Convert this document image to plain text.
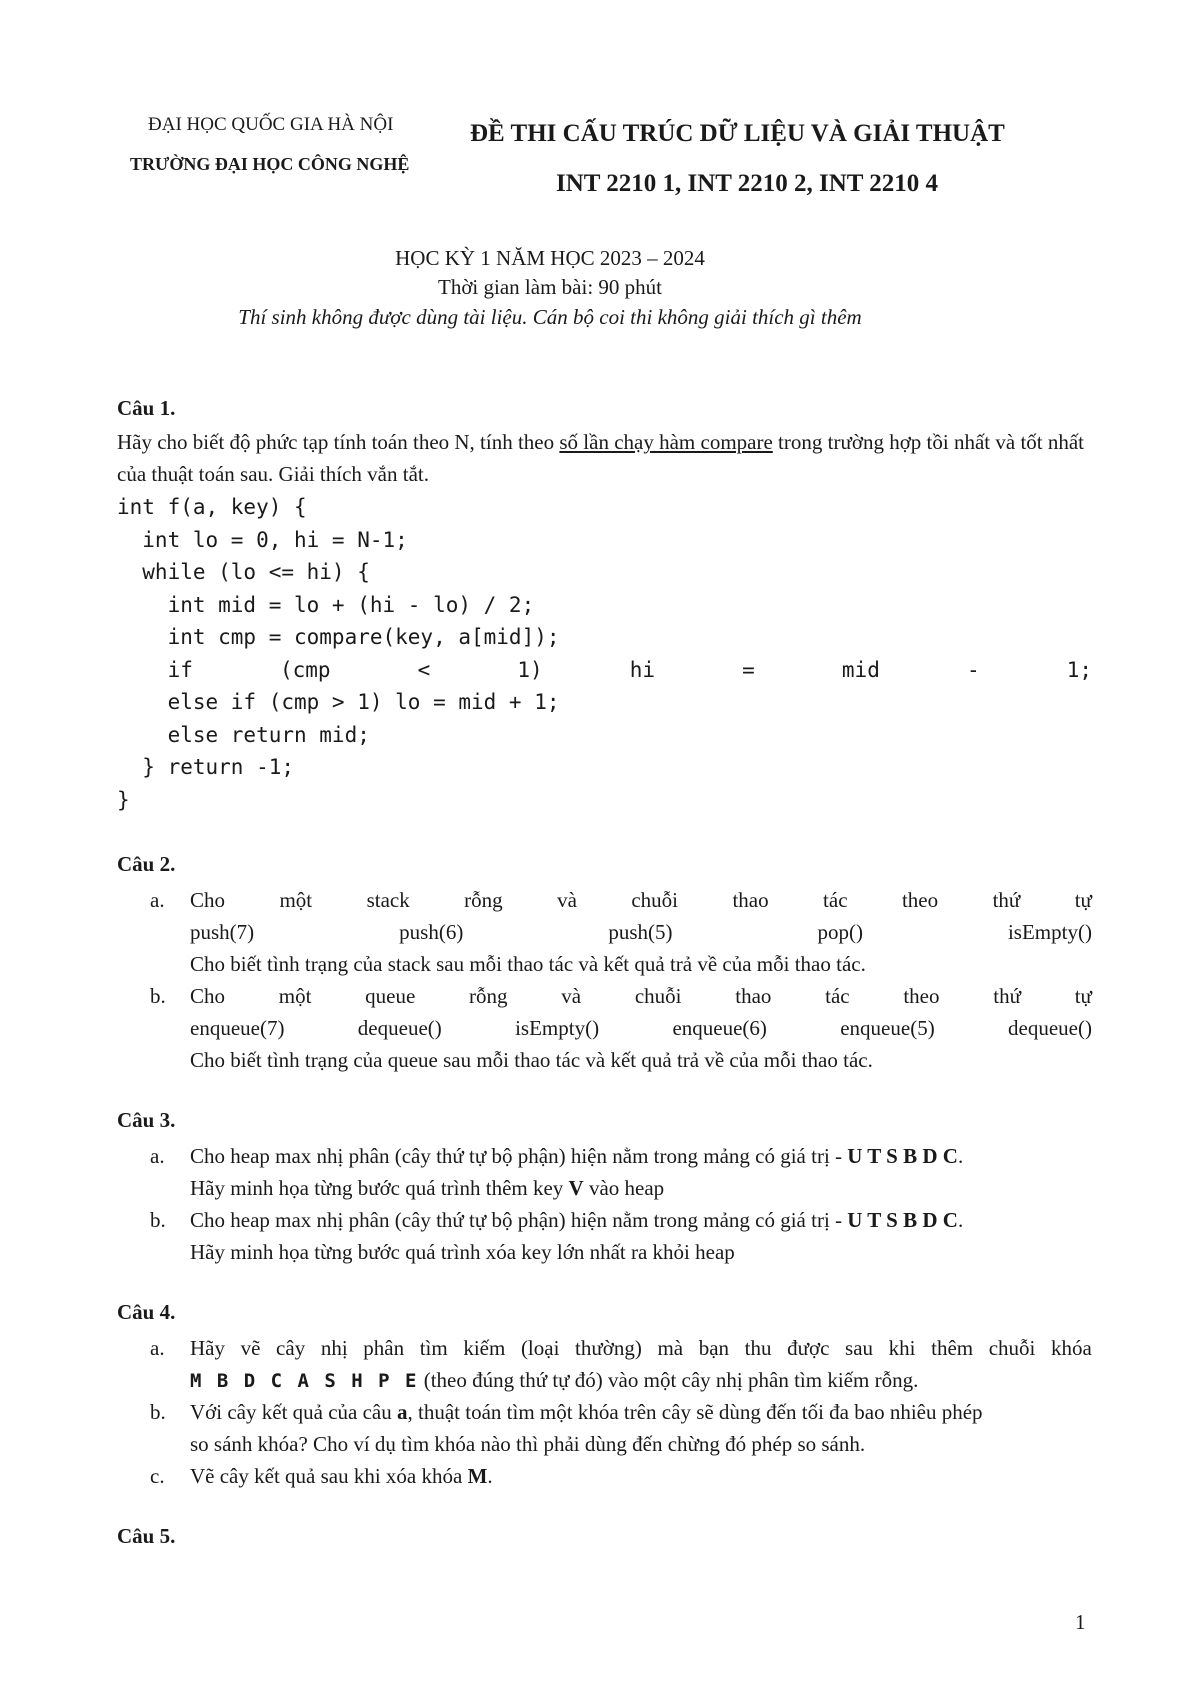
ĐẠI HỌC QUỐC GIA HÀ NỘI
TRƯỜNG ĐẠI HỌC CÔNG NGHỆ
ĐỀ THI CẤU TRÚC DỮ LIỆU VÀ GIẢI THUẬT
INT 2210 1, INT 2210 2, INT 2210 4
HỌC KỲ 1 NĂM HỌC 2023 – 2024
Thời gian làm bài: 90 phút
Thí sinh không được dùng tài liệu. Cán bộ coi thi không giải thích gì thêm
Câu 1.
Hãy cho biết độ phức tạp tính toán theo N, tính theo số lần chạy hàm compare trong trường hợp tồi nhất và tốt nhất của thuật toán sau. Giải thích vắn tắt.
int f(a, key) {
int lo = 0, hi = N-1;
while (lo <= hi) {
int mid = lo + (hi - lo) / 2;
int cmp = compare(key, a[mid]);
if	(cmp	<	1)	hi	=	mid	-	1;
else if (cmp > 1) lo = mid + 1;
else return mid;
} return -1;
}
Câu 2.
a. Cho	một	stack	rỗng	và	chuỗi	thao	tác	theo	thứ	tự
push(7)	push(6)	push(5)	pop()	isEmpty()
Cho biết tình trạng của stack sau mỗi thao tác và kết quả trả về của mỗi thao tác.
b. Cho	một	queue	rỗng	và	chuỗi	thao	tác	theo	thứ	tự
enqueue(7)	dequeue()	isEmpty()	enqueue(6)	enqueue(5)	dequeue()
Cho biết tình trạng của queue sau mỗi thao tác và kết quả trả về của mỗi thao tác.
Câu 3.
a. Cho heap max nhị phân (cây thứ tự bộ phận) hiện nằm trong mảng có giá trị - U T S B D C.
Hãy minh họa từng bước quá trình thêm key V vào heap
b. Cho heap max nhị phân (cây thứ tự bộ phận) hiện nằm trong mảng có giá trị - U T S B D C.
Hãy minh họa từng bước quá trình xóa key lớn nhất ra khỏi heap
Câu 4.
a. Hãy vẽ cây nhị phân tìm kiếm (loại thường) mà bạn thu được sau khi thêm chuỗi khóa
M B D C A S H P E (theo đúng thứ tự đó) vào một cây nhị phân tìm kiếm rỗng.
b. Với cây kết quả của câu a, thuật toán tìm một khóa trên cây sẽ dùng đến tối đa bao nhiêu phép
so sánh khóa? Cho ví dụ tìm khóa nào thì phải dùng đến chừng đó phép so sánh.
c. Vẽ cây kết quả sau khi xóa khóa M.
Câu 5.
1
